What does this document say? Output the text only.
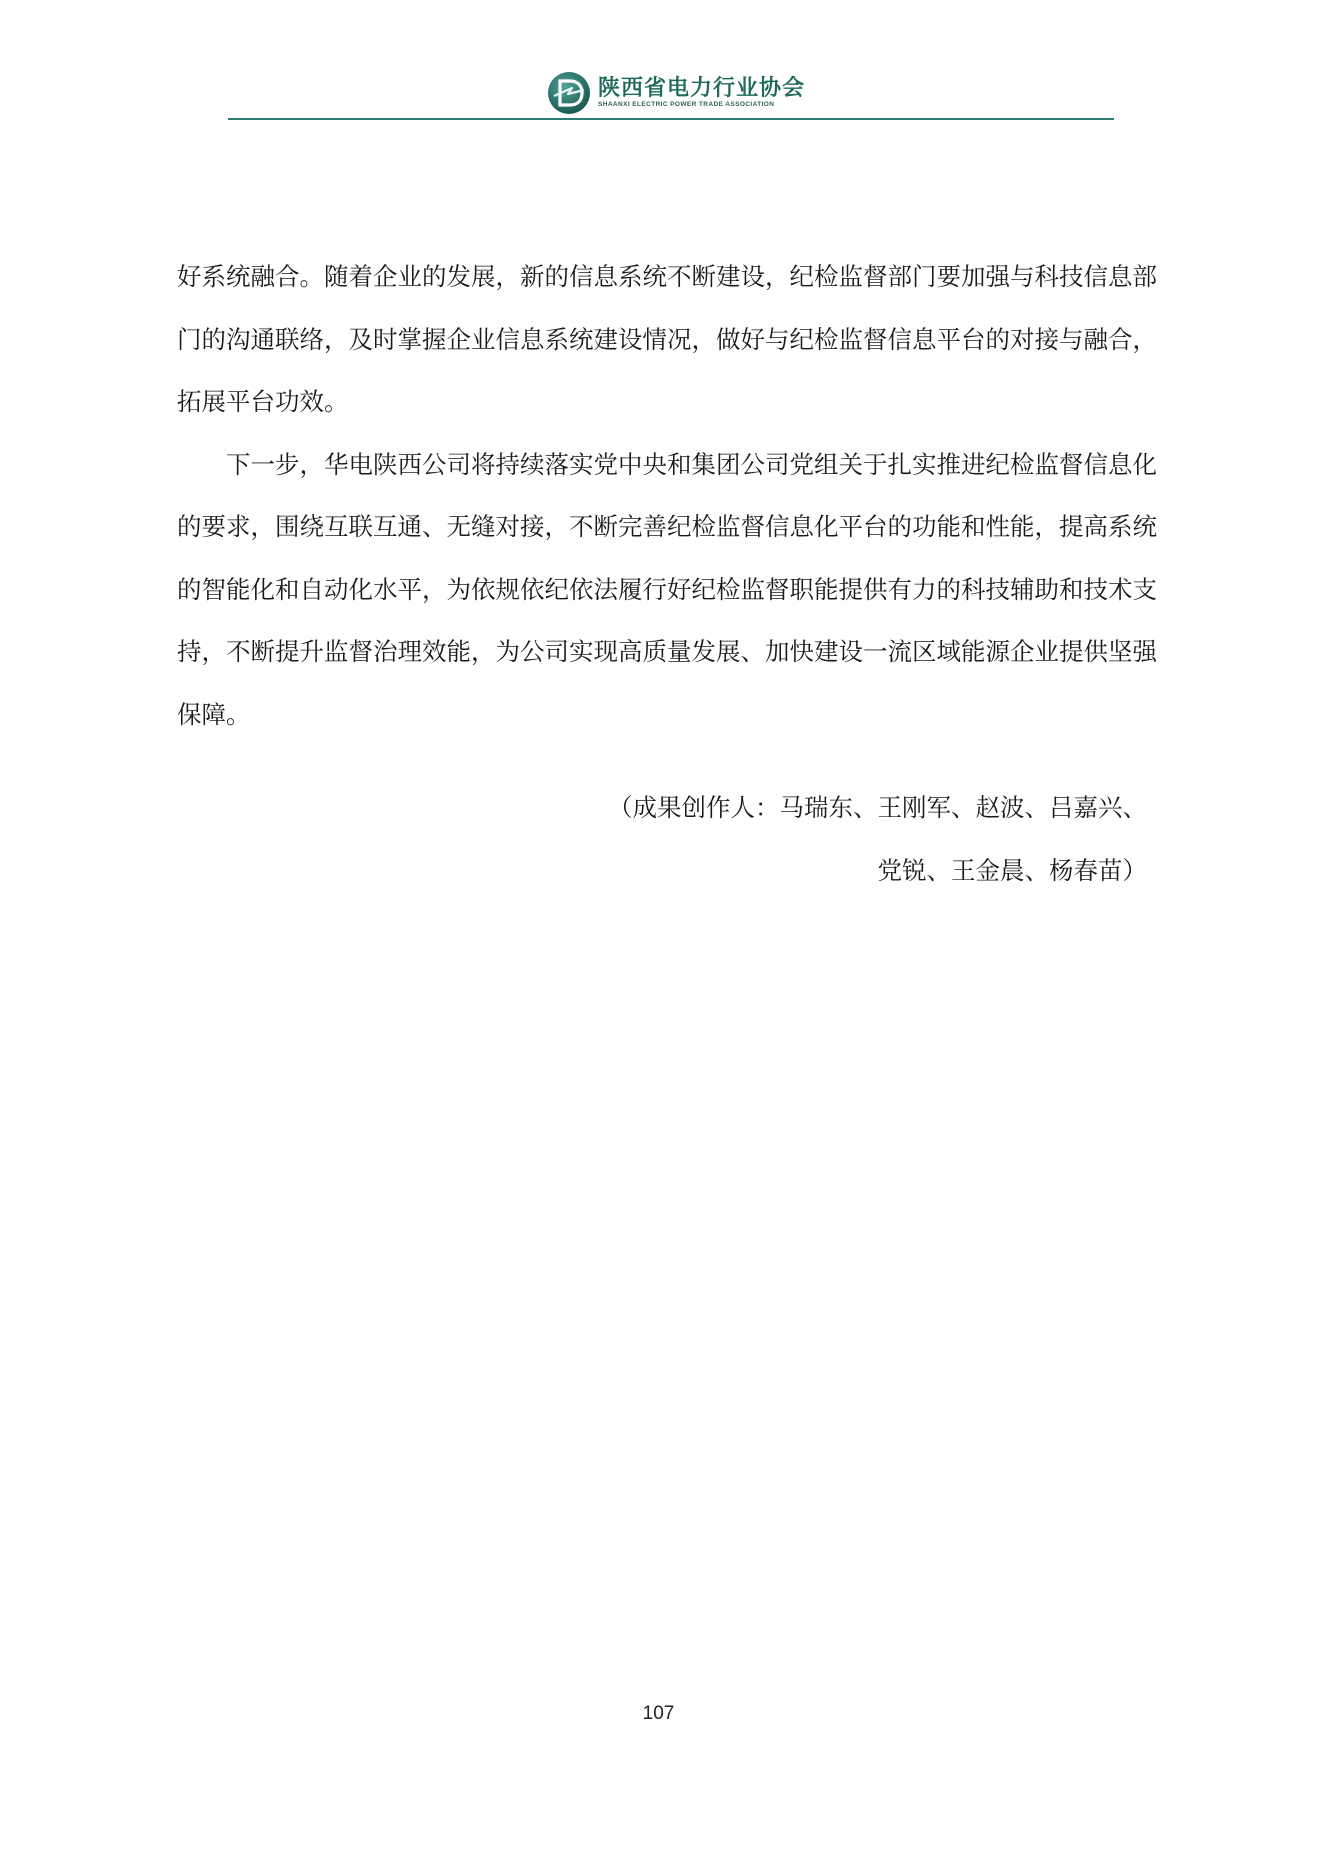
陕西省电力行业协会
SHAANXI ELECTRIC POWER TRADE ASSOCIATION

好系统融合。随着企业的发展，新的信息系统不断建设，纪检监督部门要加强与科技信息部门的沟通联络，及时掌握企业信息系统建设情况，做好与纪检监督信息平台的对接与融合，拓展平台功效。

下一步，华电陕西公司将持续落实党中央和集团公司党组关于扎实推进纪检监督信息化的要求，围绕互联互通、无缝对接，不断完善纪检监督信息化平台的功能和性能，提高系统的智能化和自动化水平，为依规依纪依法履行好纪检监督职能提供有力的科技辅助和技术支持，不断提升监督治理效能，为公司实现高质量发展、加快建设一流区域能源企业提供坚强保障。

（成果创作人：马瑞东、王刚军、赵波、吕嘉兴、
党锐、王金晨、杨春苗）
107
